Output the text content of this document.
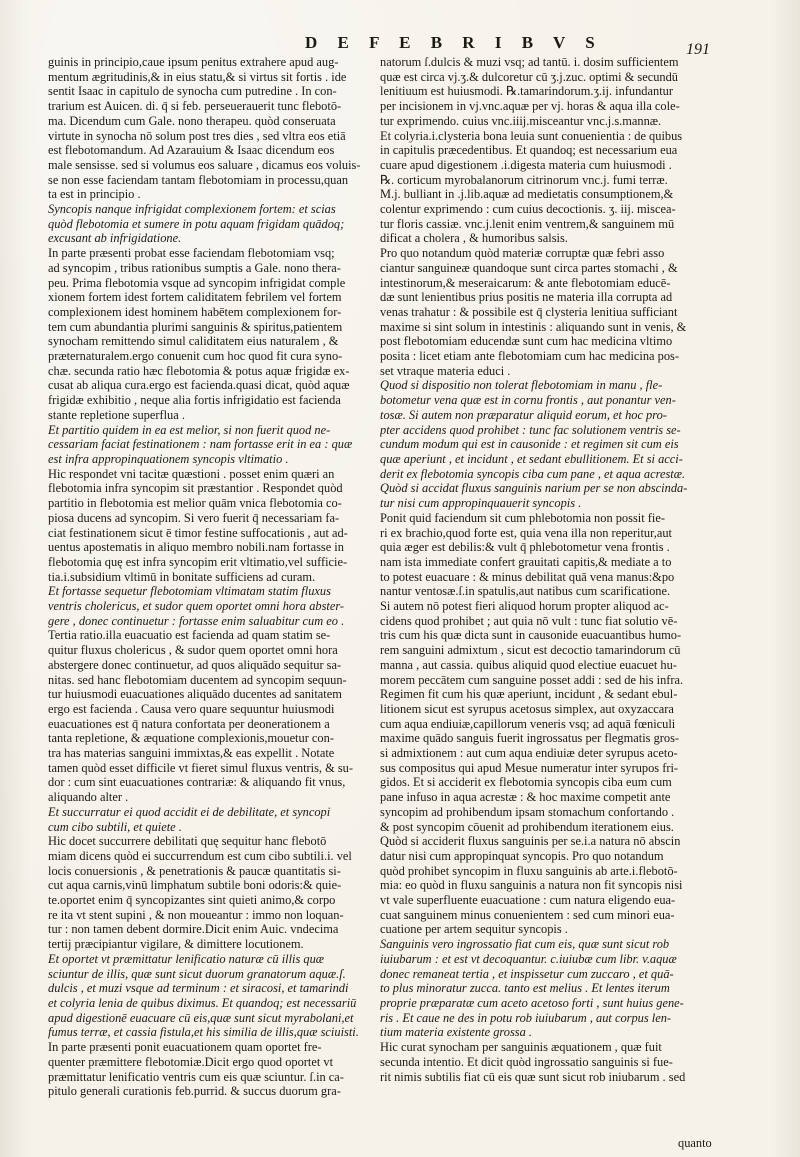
D E F E B R I B V S	191
guinis in principio,caue ipsum penitus extrahere apud aug-
mentum ægritudinis,& in eius statu,& si virtus sit fortis . ide
sentit Isaac in capitulo de synocha cum putredine . In con-
trarium est Auicen. di. q̄ si feb. perseuerauerit tunc flebotō-
ma. Dicendum cum Gale. nono therapeu. quòd conseruata
virtute in synocha nō solum post tres dies , sed vltra eos etiā
est flebotomandum. Ad Azarauium & Isaac dicendum eos
male sensisse. sed si volumus eos saluare , dicamus eos voluis-
se non esse faciendam tantam flebotomiam in processu,quan
ta est in principio .
Syncopis nanque infrigidat complexionem fortem: et scias
quòd flebotomia et sumere in potu aquam frigidam quādoq;
excusant ab infrigidatione.
In parte præsenti probat esse faciendam flebotomiam vsq;
ad syncopim , tribus rationibus sumptis a Gale. nono thera-
peu. Prima flebotomia vsque ad syncopim infrigidat comple
xionem fortem idest fortem caliditatem febrilem vel fortem
complexionem idest hominem habētem complexionem for-
tem cum abundantia plurimi sanguinis & spiritus,patientem
synocham remittendo simul caliditatem eius naturalem , &
præternaturalem.ergo conuenit cum hoc quod fit cura syno-
chæ. secunda ratio hæc flebotomia & potus aquæ frigidæ ex-
cusat ab aliqua cura.ergo est facienda.quasi dicat, quòd aquæ
frigidæ exhibitio , neque alia fortis infrigidatio est facienda
stante repletione superflua .
Et partitio quidem in ea est melior, si non fuerit quod ne-
cessariam faciat festinationem : nam fortasse erit in ea : quæ
est infra appropinquationem syncopis vltimatio .
Hic respondet vni tacitæ quæstioni . posset enim quæri an
flebotomia infra syncopim sit præstantior . Respondet quòd
partitio in flebotomia est melior quām vnica flebotomia co-
piosa ducens ad syncopim. Si vero fuerit q̄ necessariam fa-
ciat festinationem sicut ē timor festine suffocationis , aut ad-
uentus apostematis in aliquo membro nobili.nam fortasse in
flebotomia quę est infra syncopim erit vltimatio,vel sufficie-
tia.i.subsidium vltimū in bonitate sufficiens ad curam.
Et fortasse sequetur flebotomiam vltimatam statim fluxus
ventris cholericus, et sudor quem oportet omni hora abster-
gere , donec continuetur : fortasse enim saluabitur cum eo .
Tertia ratio.illa euacuatio est facienda ad quam statim se-
quitur fluxus cholericus , & sudor quem oportet omni hora
abstergere donec continuetur, ad quos aliquādo sequitur sa-
nitas. sed hanc flebotomiam ducentem ad syncopim sequun-
tur huiusmodi euacuationes aliquādo ducentes ad sanitatem
ergo est facienda . Causa vero quare sequuntur huiusmodi
euacuationes est q̄ natura confortata per deonerationem a
tanta repletione, & æquatione complexionis,mouetur con-
tra has materias sanguini immixtas,& eas expellit . Notate
tamen quòd esset difficile vt fieret simul fluxus ventris, & su-
dor : cum sint euacuationes contrariæ: & aliquando fit vnus,
aliquando alter .
Et succurratur ei quod accidit ei de debilitate, et syncopi
cum cibo subtili, et quiete .
Hic docet succurrere debilitati quę sequitur hanc flebotō
miam dicens quòd ei succurrendum est cum cibo subtili.i. vel
locis conuersionis , & penetrationis & paucæ quantitatis si-
cut aqua carnis,vinū limphatum subtile boni odoris:& quie-
te.oportet enim q̄ syncopizantes sint quieti animo,& corpo
re ita vt stent supini , & non moueantur : immo non loquan-
tur : non tamen debent dormire.Dicit enim Auic. vndecima
tertij præcipiantur vigilare, & dimittere locutionem.
Et oportet vt præmittatur lenificatio naturæ cū illis quæ
sciuntur de illis, quæ sunt sicut duorum granatorum aquæ.ſ.
dulcis , et muzi vsque ad terminum : et siracosi, et tamarindi
et colyria lenia de quibus diximus. Et quandoq; est necessariū
apud digestionē euacuare cū eis,quæ sunt sicut myrabolani,et
fumus terræ, et cassia fistula,et his similia de illis,quæ sciuisti.
In parte præsenti ponit euacuationem quam oportet fre-
quenter præmittere flebotomiæ.Dicit ergo quod oportet vt
præmittatur lenificatio ventris cum eis quæ sciuntur. ſ.in ca-
pitulo generali curationis feb.purrid. & succus duorum gra-
natorum ſ.dulcis & muzi vsq; ad tantū. i. dosim sufficientem
quæ est circa vj.ʒ.& dulcoretur cū ʒ.j.zuc. optimi & secundū
lenitiuum est huiusmodi. ℞.tamarindorum.ʒ.ij. infundantur
per incisionem in vj.vnc.aquæ per vj. horas & aqua illa cole-
tur exprimendo. cuius vnc.iiij.misceantur vnc.j.s.mannæ.
Et colyria.i.clysteria bona leuia sunt conuenientia : de quibus
in capitulis præcedentibus. Et quandoq; est necessarium eua
cuare apud digestionem .i.digesta materia cum huiusmodi .
℞. corticum myrobalanorum citrinorum vnc.j. fumi terræ.
M.j. bulliant in .j.lib.aquæ ad medietatis consumptionem,&
colentur exprimendo : cum cuius decoctionis. ʒ. iij. miscea-
tur floris cassiæ. vnc.j.lenit enim ventrem,& sanguinem mū
dificat a cholera , & humoribus salsis.
Pro quo notandum quòd materiæ corruptæ quæ febri asso
ciantur sanguineæ quandoque sunt circa partes stomachi , &
intestinorum,& meseraicarum: & ante flebotomiam educē-
dæ sunt lenientibus prius positis ne materia illa corrupta ad
venas trahatur : & possibile est q̄ clysteria lenitiua sufficiant
maxime si sint solum in intestinis : aliquando sunt in venis, &
post flebotomiam educendæ sunt cum hac medicina vltimo
posita : licet etiam ante flebotomiam cum hac medicina pos-
set vtraque materia educi .
Quod si dispositio non tolerat flebotomiam in manu , fle-
botometur vena quæ est in cornu frontis , aut ponantur ven-
tosæ. Si autem non præparatur aliquid eorum, et hoc pro-
pter accidens quod prohibet : tunc fac solutionem ventris se-
cundum modum qui est in causonide : et regimen sit cum eis
quæ aperiunt , et incidunt , et sedant ebullitionem. Et si acci-
derit ex flebotomia syncopis ciba cum pane , et aqua acrestæ.
Quòd si accidat fluxus sanguinis narium per se non abscinda-
tur nisi cum appropinquauerit syncopis .
Ponit quid faciendum sit cum phlebotomia non possit fie-
ri ex brachio,quod forte est, quia vena illa non reperitur,aut
quia æger est debilis:& vult q̄ phlebotometur vena frontis .
nam ista immediate confert grauitati capitis,& mediate a to
to potest euacuare : & minus debilitat quā vena manus:&po
nantur ventosæ.ſ.in spatulis,aut natibus cum scarificatione.
Si autem nō potest fieri aliquod horum propter aliquod ac-
cidens quod prohibet ; aut quia nō vult : tunc fiat solutio vē-
tris cum his quæ dicta sunt in causonide euacuantibus humo-
rem sanguini admixtum , sicut est decoctio tamarindorum cū
manna , aut cassia. quibus aliquid quod electiue euacuet hu-
morem peccātem cum sanguine posset addi : sed de his infra.
Regimen fit cum his quæ aperiunt, incidunt , & sedant ebul-
litionem sicut est syrupus acetosus simplex, aut oxyzaccara
cum aqua endiuiæ,capillorum veneris vsq; ad aquā fœniculi
maxime quādo sanguis fuerit ingrossatus per flegmatis gros-
si admixtionem : aut cum aqua endiuiæ deter syrupus aceto-
sus compositus qui apud Mesue numeratur inter syrupos fri-
gidos. Et si acciderit ex flebotomia syncopis ciba eum cum
pane infuso in aqua acrestæ : & hoc maxime competit ante
syncopim ad prohibendum ipsam stomachum confortando .
& post syncopim cōuenit ad prohibendum iterationem eius.
Quòd si acciderit fluxus sanguinis per se.i.a natura nō abscin
datur nisi cum appropinquat syncopis. Pro quo notandum
quòd prohibet syncopim in fluxu sanguinis ab arte.i.flebotō-
mia: eo quòd in fluxu sanguinis a natura non fit syncopis nisi
vt vale superfluente euacuatione : cum natura eligendo eua-
cuat sanguinem minus conuenientem : sed cum minori eua-
cuatione per artem sequitur syncopis .
Sanguinis vero ingrossatio fiat cum eis, quæ sunt sicut rob
iuiubarum : et est vt decoquantur. c.iuiubæ cum libr. v.aquæ
donec remaneat tertia , et inspissetur cum zuccaro , et quā-
to plus minoratur zucca. tanto est melius . Et lentes iterum
proprie præparatæ cum aceto acetoso forti , sunt huius gene-
ris . Et caue ne des in potu rob iuiubarum , aut corpus len-
tium materia existente grossa .
Hic curat synocham per sanguinis æquationem , quæ fuit
secunda intentio. Et dicit quòd ingrossatio sanguinis si fue-
rit nimis subtilis fiat cū eis quæ sunt sicut rob iniubarum . sed
quanto
